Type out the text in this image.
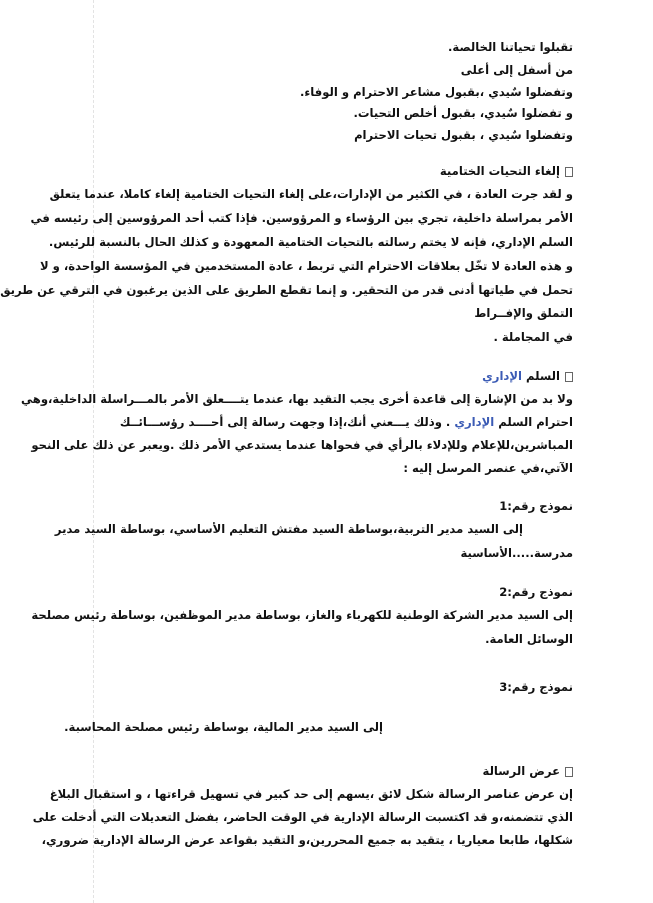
تقبلوا تحياتنا الخالصة.
من أسفل إلى أعلى
وتفضلوا سٌيدي ،بقبول مشاعر الاحترام و الوفاء.
و تفضلوا سٌيدي، بقبول أخلص التحيات.
وتفضلوا سٌيدي ، بقبول تحيات الاحترام
إلغاء التحيات الختامية
و لقد جرت العادة ، في الكثير من الإدارات،على إلغاء التحيات الختامية إلغاء كاملا، عندما يتعلق
الأمر بمراسلة داخلية، تجري بين الرؤساء و المرؤوسين. فإذا كتب أحد المرؤوسين إلى رئيسه في
السلم الإداري، فإنه لا يختم رسالته بالتحيات الختامية المعهودة و كذلك الحال بالنسبة للرئيس.
و هذه العادة لا تخّل بعلاقات الاحترام التي تربط ، عادة المستخدمين في المؤسسة الواحدة، و لا
تحمل في طياتها أدنى قدر من التحقير. و إنما تقطع الطريق على الذين يرغبون في الترقي عن طريق
التملق والإفــراط
في المجاملة .
السلم الإداري
ولا بد من الإشارة إلى قاعدة أخرى يجب التقيد بها، عندما يتــــعلق الأمر بالمـــراسلة الداخلية،وهي
احترام السلم الإداري . وذلك يـــعني أنك،إذا وجهت رسالة إلى أحــــد رؤســـائــك
المباشرين،للإعلام وللإدلاء بالرأي في فحواها عندما يستدعي الأمر ذلك .ويعبر عن ذلك على النحو
الآتي،في عنصر المرسل إليه :
نموذج رقم:1
إلى السيد مدير التربية،بوساطة السيد مفتش التعليم الأساسي، بوساطة السيد مدير
مدرسة.....الأساسية
نموذج رقم:2
إلى السيد مدير الشركة الوطنية للكهرباء والغاز، بوساطة مدير الموظفين، بوساطة رئيس مصلحة
الوسائل العامة.
نموذج رقم:3
إلى السيد مدير المالية، بوساطة رئيس مصلحة المحاسبة.
عرض الرسالة
إن عرض عناصر الرسالة شكل لائق ،يسهم إلى حد كبير في تسهيل قراءتها ، و استقبال البلاغ
الذي تتضمنه،و قد اكتسبت الرسالة الإدارية في الوقت الحاضر، بفضل التعديلات التي أدخلت على
شكلها، طابعا معياريا ، يتقيد به جميع المحررين،و التقيد بقواعد عرض الرسالة الإدارية ضروري،
